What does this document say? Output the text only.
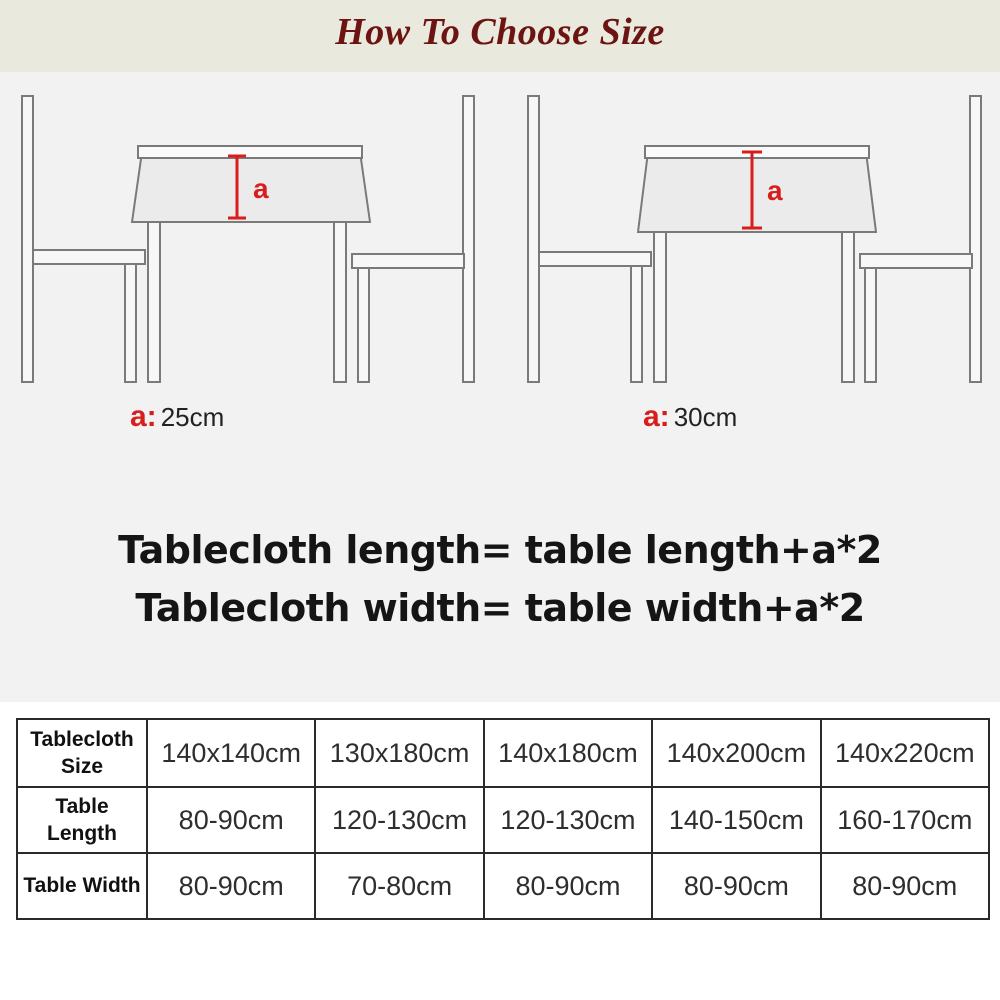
How To Choose Size
a	a
a: 25cm	a: 30cm
Tablecloth length= table length+a*2
Tablecloth width= table width+a*2
Tablecloth Size	140x140cm	130x180cm	140x180cm	140x200cm	140x220cm
Table Length	80-90cm	120-130cm	120-130cm	140-150cm	160-170cm
Table Width	80-90cm	70-80cm	80-90cm	80-90cm	80-90cm
